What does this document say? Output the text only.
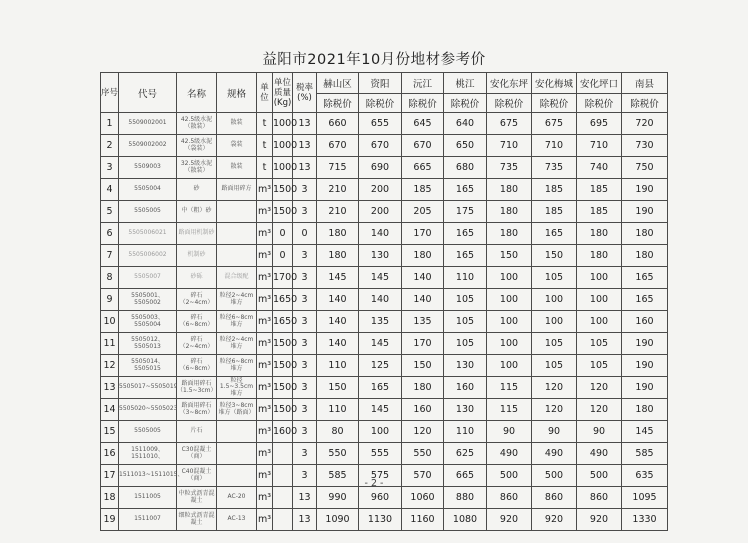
益阳市2021年10月份地材参考价
序号	代号	名称	规格	单位	单位质量(Kg)	税率(%)	赫山区	资阳	沅江	桃江	安化东坪	安化梅城	安化坪口	南县
							除税价	除税价	除税价	除税价	除税价	除税价	除税价	除税价
1	5509002001	42.5级水泥（散装）	散装	t	1000	13	660	655	645	640	675	675	695	720
2	5509002002	42.5级水泥（袋装）	袋装	t	1000	13	670	670	670	650	710	710	710	730
3	5509003	32.5级水泥（散装）	散装	t	1000	13	715	690	665	680	735	735	740	750
4	5505004	砂	路面用碎方	m³	1500	3	210	200	185	165	180	185	185	190
5	5505005	中（粗）砂		m³	1500	3	210	200	205	175	180	185	185	190
6	5505006021	路面用机制砂		m³	0	0	180	140	170	165	180	165	180	180
7	5505006002	机制砂		m³	0	3	180	130	180	165	150	150	180	180
8	5505007	砂砾	混合级配	m³	1700	3	145	145	140	110	100	105	100	165
9	5505001、5505002	碎石（2~4cm）	粒径2~4cm堆方	m³	1650	3	140	140	140	105	100	100	100	165
10	5505003、5505004	碎石（6~8cm）	粒径6~8cm堆方	m³	1650	3	140	135	135	105	100	100	100	160
11	5505012、5505013	碎石（2~4cm）	粒径2~4cm堆方	m³	1500	3	140	145	170	105	100	105	105	190
12	5505014、5505015	碎石（6~8cm）	粒径6~8cm堆方	m³	1500	3	110	125	150	130	100	105	105	190
13	5505017~5505019	路面用碎石（1.5~3cm）	粒径1.5~3.5cm堆方	m³	1500	3	150	165	180	160	115	120	120	190
14	5505020~5505023	路面用碎石（3~8cm）	粒径3~8cm堆方（路面）	m³	1500	3	110	145	160	130	115	120	120	180
15	5505005	片石		m³	1600	3	80	100	120	110	90	90	90	145
16	1511009、1511010、	C30混凝土（商）		m³		3	550	555	550	625	490	490	490	585
17	1511013~1511015、	C40混凝土（商）		m³		3	585	575	570	665	500	500	500	635
18	1511005	中粒式沥青混凝土	AC-20	m³		13	990	960	1060	880	860	860	860	1095
19	1511007	细粒式沥青混凝土	AC-13	m³		13	1090	1130	1160	1080	920	920	920	1330
- 2 -
